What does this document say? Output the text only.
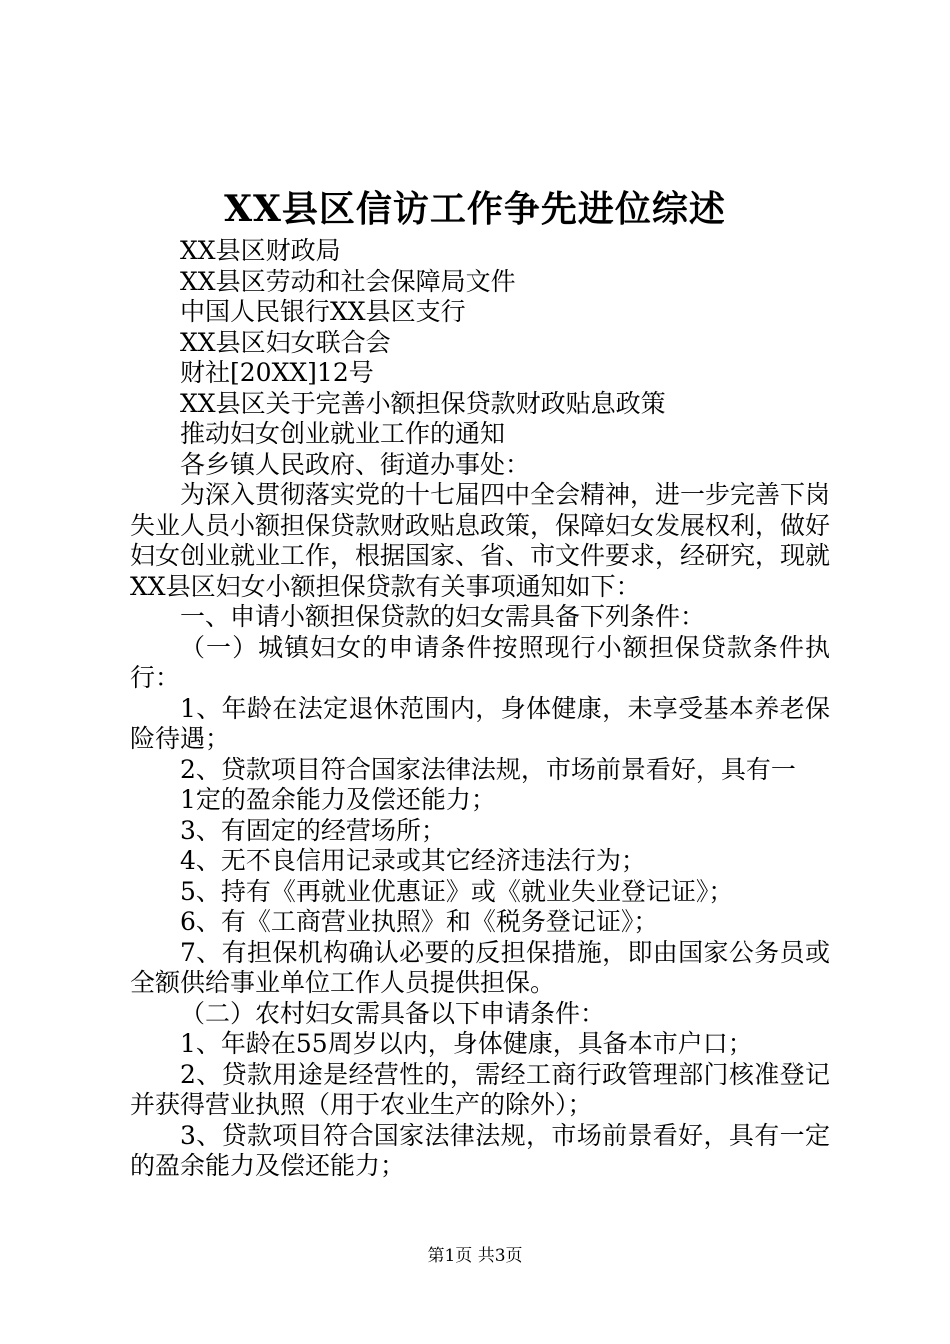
XX县区信访工作争先进位综述

XX县区财政局

XX县区劳动和社会保障局文件

中国人民银行XX县区支行

XX县区妇女联合会

财社[20XX]12号

XX县区关于完善小额担保贷款财政贴息政策

推动妇女创业就业工作的通知

各乡镇人民政府、街道办事处：

为深入贯彻落实党的十七届四中全会精神，进一步完善下岗失业人员小额担保贷款财政贴息政策，保障妇女发展权利，做好妇女创业就业工作，根据国家、省、市文件要求，经研究，现就XX县区妇女小额担保贷款有关事项通知如下：

一、申请小额担保贷款的妇女需具备下列条件：

（一）城镇妇女的申请条件按照现行小额担保贷款条件执行：

1、年龄在法定退休范围内，身体健康，未享受基本养老保险待遇；

2、贷款项目符合国家法律法规，市场前景看好，具有一

1定的盈余能力及偿还能力；

3、有固定的经营场所；

4、无不良信用记录或其它经济违法行为；

5、持有《再就业优惠证》或《就业失业登记证》；

6、有《工商营业执照》和《税务登记证》；

7、有担保机构确认必要的反担保措施，即由国家公务员或全额供给事业单位工作人员提供担保。

（二）农村妇女需具备以下申请条件：

1、年龄在55周岁以内，身体健康，具备本市户口；

2、贷款用途是经营性的，需经工商行政管理部门核准登记并获得营业执照（用于农业生产的除外）；

3、贷款项目符合国家法律法规，市场前景看好，具有一定的盈余能力及偿还能力；

第1页 共3页
